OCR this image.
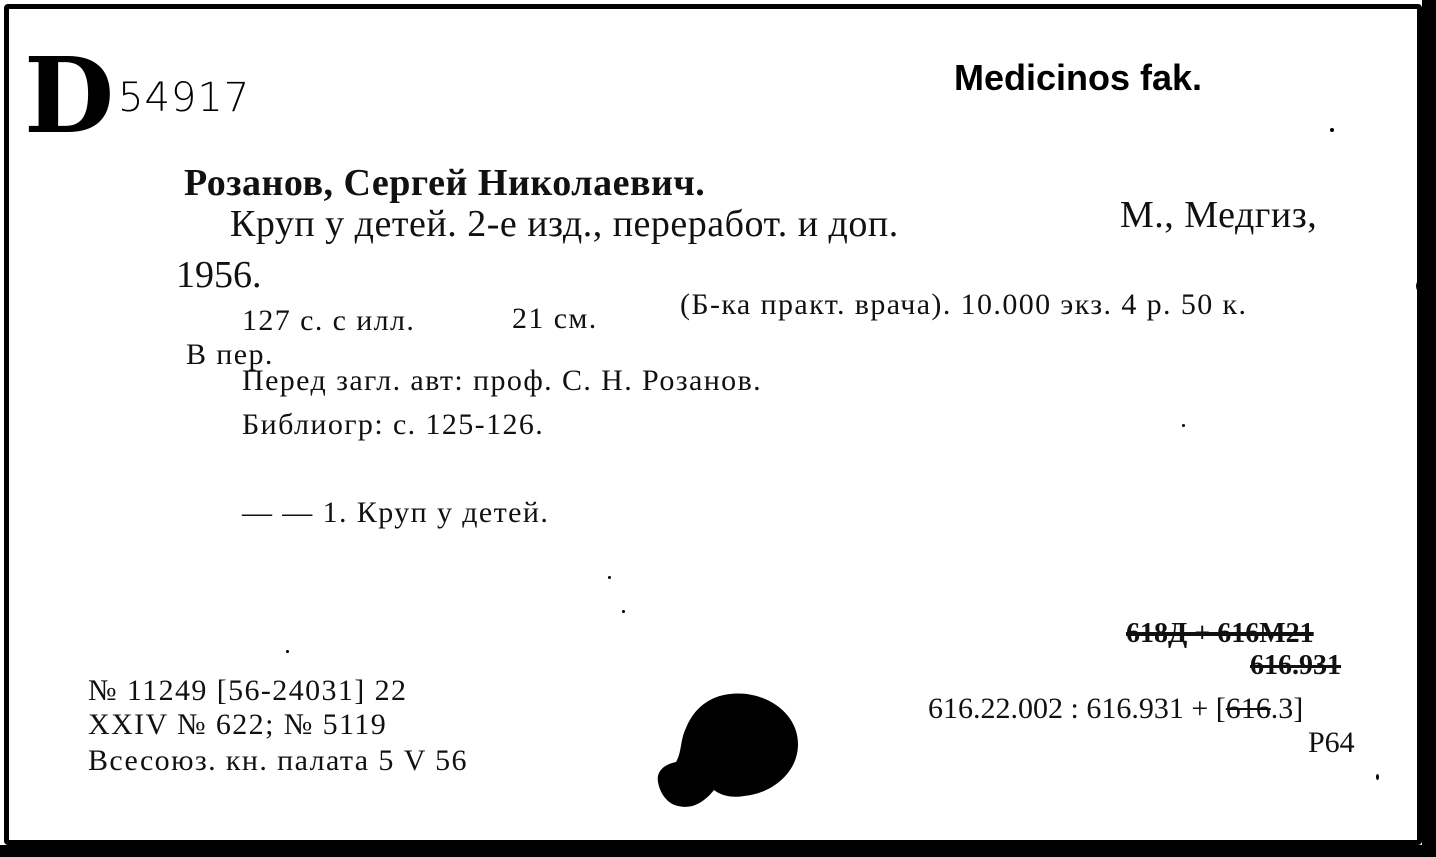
D 54917	Medicinos fak.
Розанов, Сергей Николаевич.
Круп у детей. 2-е изд., переработ. и доп.	М., Медгиз,
1956.
127 с. с илл.	21 см.	(Б-ка практ. врача). 10.000 экз. 4 р. 50 к.
В пер.
Перед загл. авт: проф. С. Н. Розанов.
Библиогр: с. 125-126.
— — 1. Круп у детей.
№ 11249 [56-24031] 22
XXIV № 622; № 5119
Всесоюз. кн. палата 5 V 56
618Д + 616М21
616.931
616.22.002 : 616.931 + [616.3]
Р64
